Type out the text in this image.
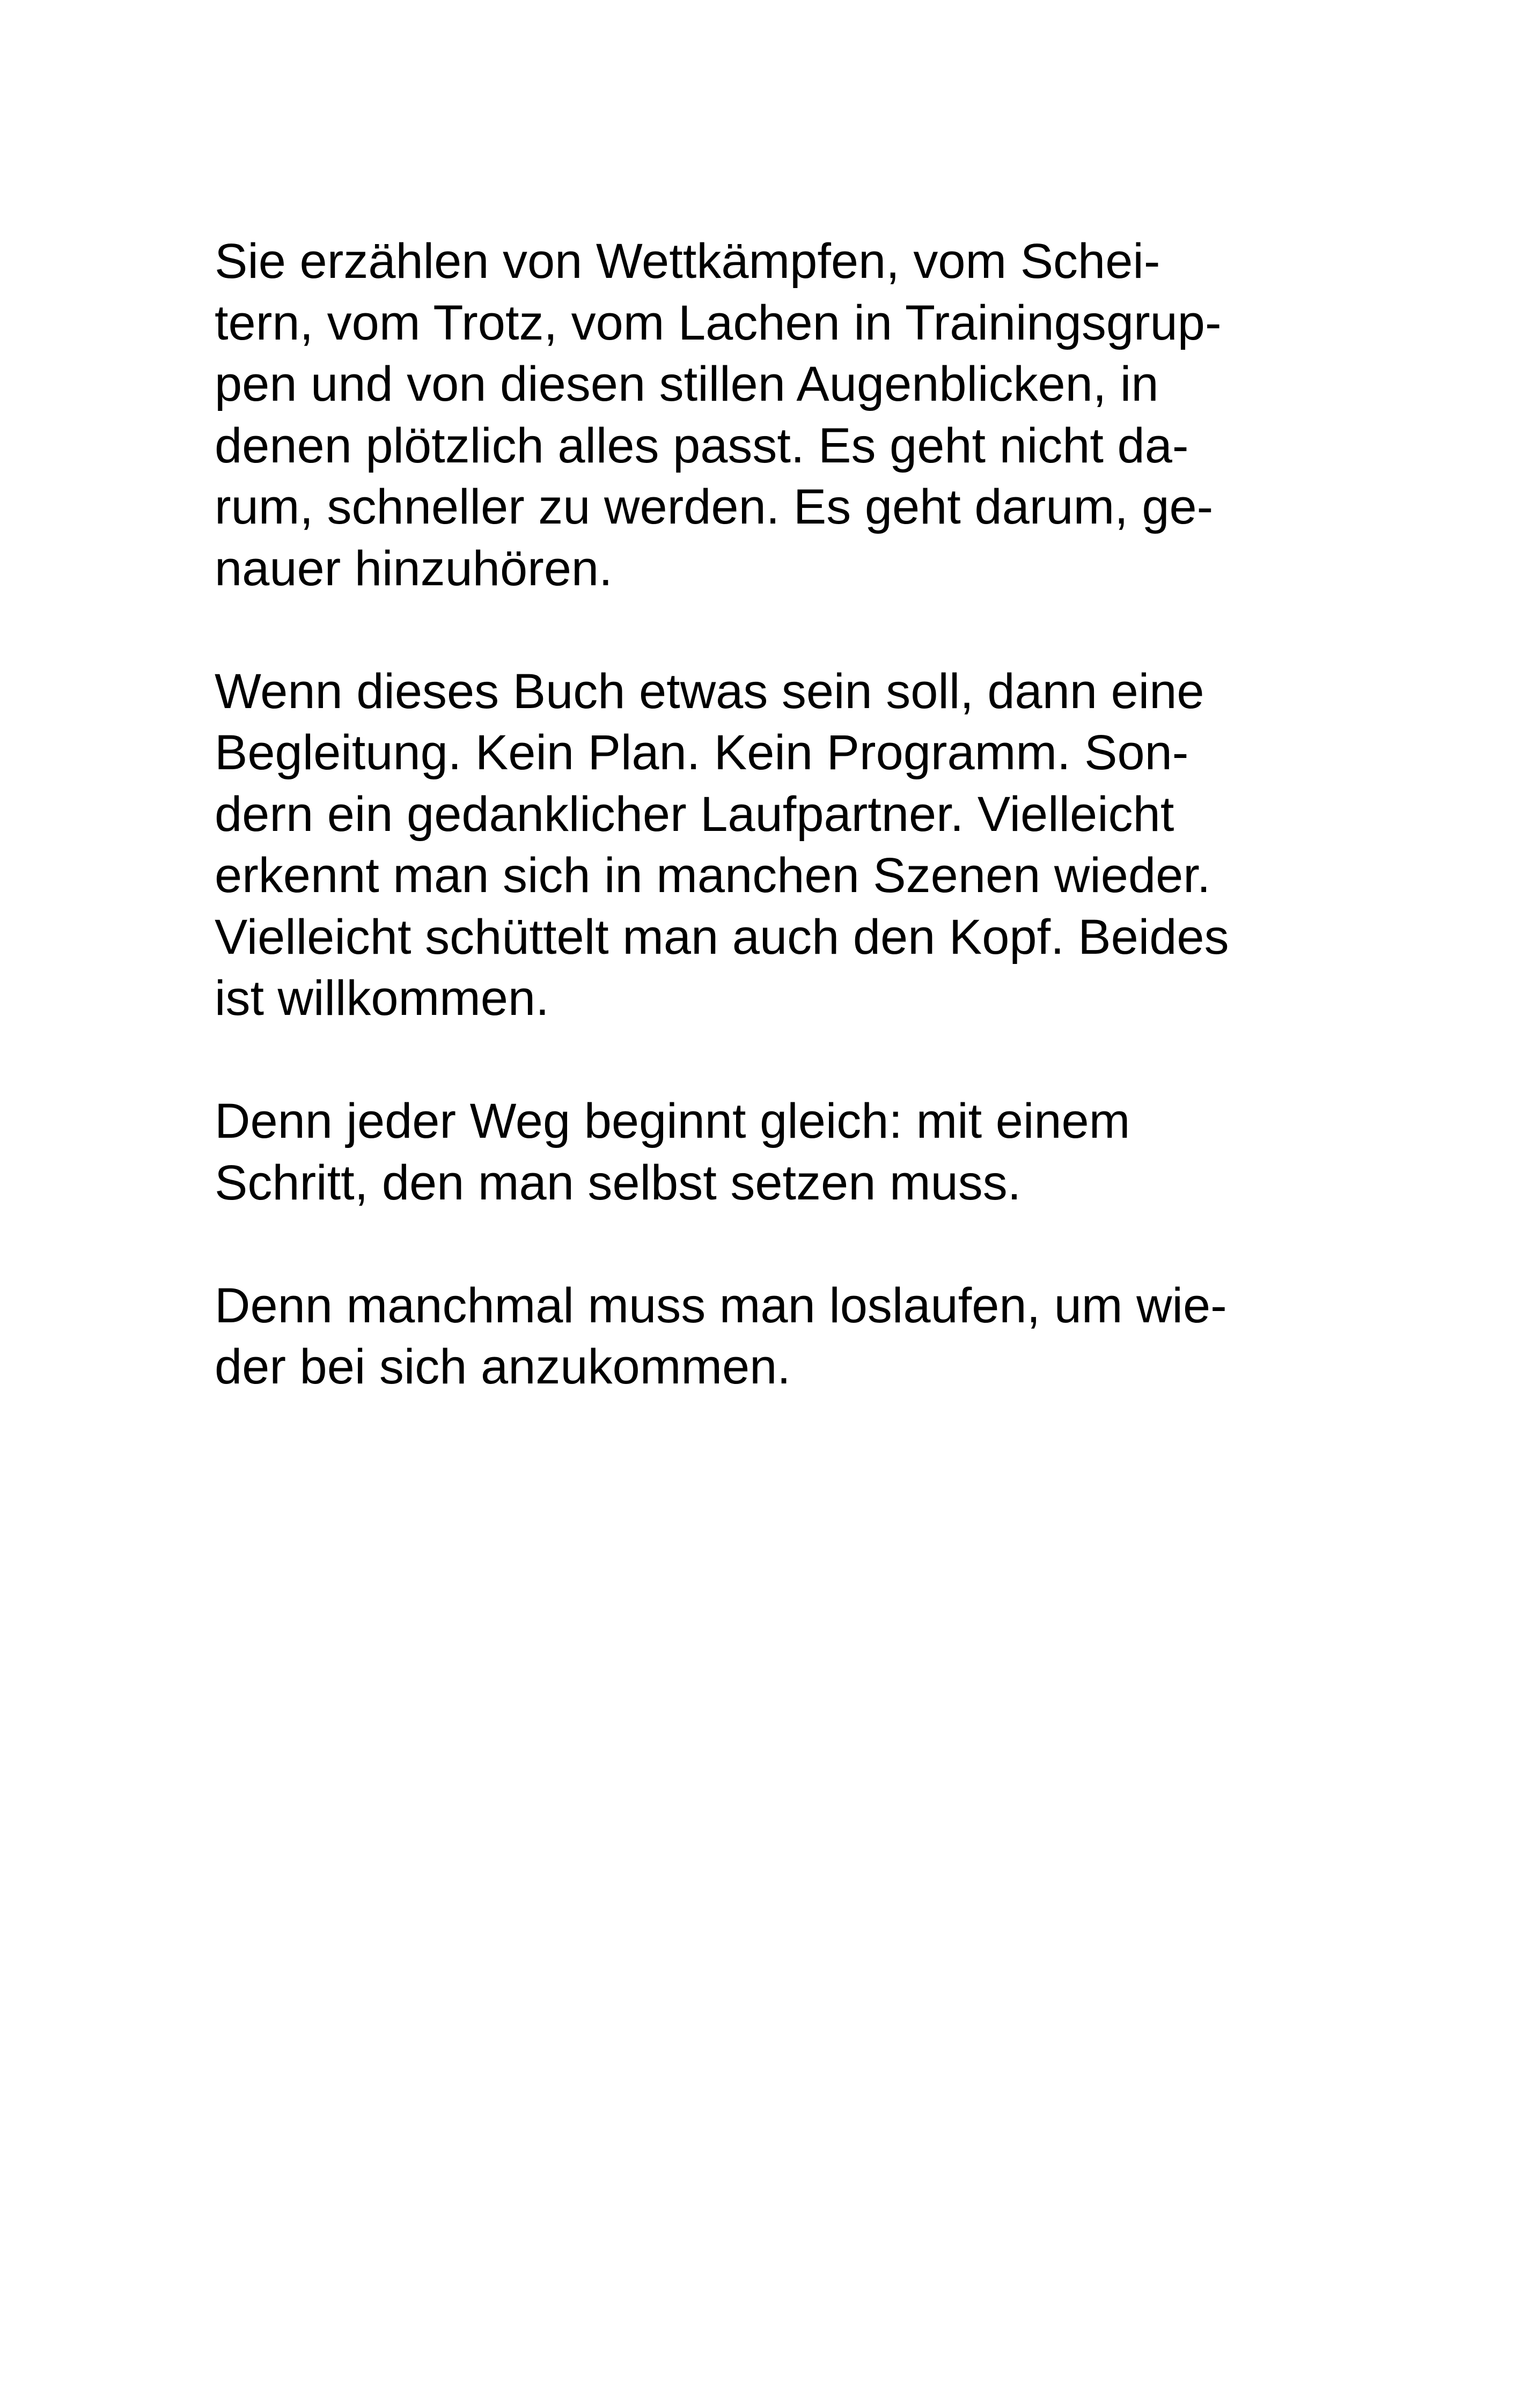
Sie erzählen von Wettkämpfen, vom Schei-
tern, vom Trotz, vom Lachen in Trainingsgrup-
pen und von diesen stillen Augenblicken, in
denen plötzlich alles passt. Es geht nicht da-
rum, schneller zu werden. Es geht darum, ge-
nauer hinzuhören.

Wenn dieses Buch etwas sein soll, dann eine
Begleitung. Kein Plan. Kein Programm. Son-
dern ein gedanklicher Laufpartner. Vielleicht
erkennt man sich in manchen Szenen wieder.
Vielleicht schüttelt man auch den Kopf. Beides
ist willkommen.

Denn jeder Weg beginnt gleich: mit einem
Schritt, den man selbst setzen muss.

Denn manchmal muss man loslaufen, um wie-
der bei sich anzukommen.
